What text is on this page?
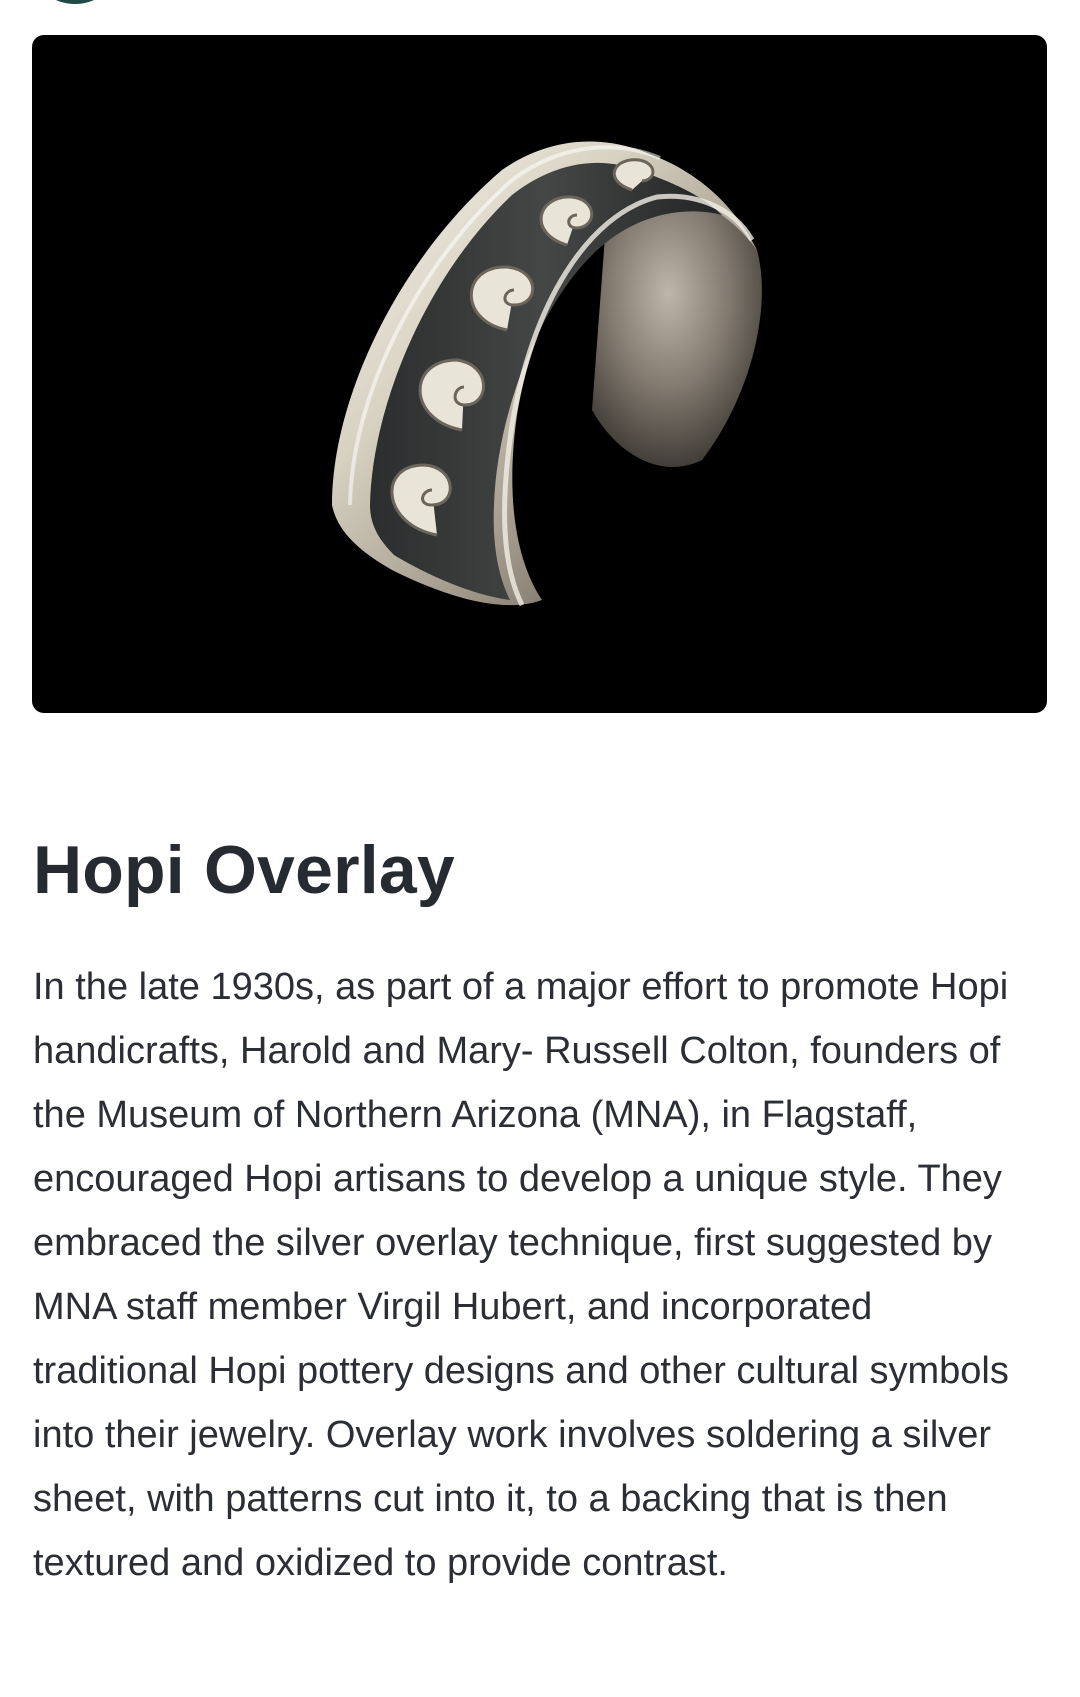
Hopi Overlay

In the late 1930s, as part of a major effort to promote Hopi handicrafts, Harold and Mary- Russell Colton, founders of the Museum of Northern Arizona (MNA), in Flagstaff, encouraged Hopi artisans to develop a unique style. They embraced the silver overlay technique, first suggested by MNA staff member Virgil Hubert, and incorporated traditional Hopi pottery designs and other cultural symbols into their jewelry. Overlay work involves soldering a silver sheet, with patterns cut into it, to a backing that is then textured and oxidized to provide contrast.
